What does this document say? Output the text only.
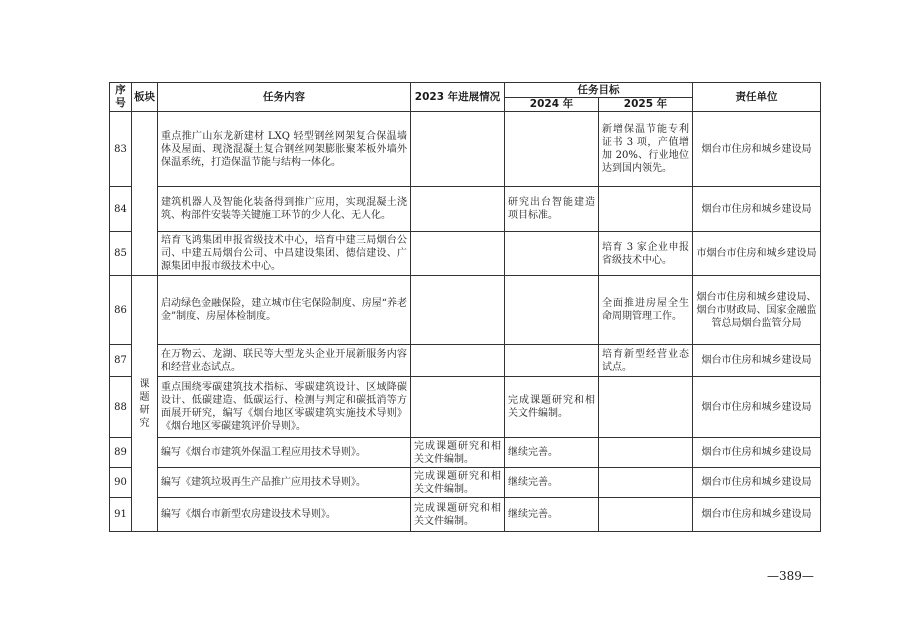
序号	板块	任务内容	2023 年进展情况	任务目标		责任单位
				2024 年	2025 年	
83		重点推广山东龙新建材 LXQ 轻型钢丝网架复合保温墙体及屋面、现浇混凝土复合钢丝网架膨胀聚苯板外墙外保温系统，打造保温节能与结构一体化。			新增保温节能专利证书 3 项，产值增加 20%、行业地位达到国内领先。	烟台市住房和城乡建设局
84		建筑机器人及智能化装备得到推广应用，实现混凝土浇筑、构部件安装等关键施工环节的少人化、无人化。		研究出台智能建造项目标准。		烟台市住房和城乡建设局
85		培育飞鸿集团申报省级技术中心，培育中建三局烟台公司、中建五局烟台公司、中昌建设集团、德信建设、广源集团申报市级技术中心。			培育 3 家企业申报省级技术中心。	市烟台市住房和城乡建设局
86	课题研究	启动绿色金融保险，建立城市住宅保险制度、房屋“养老金”制度、房屋体检制度。			全面推进房屋全生命周期管理工作。	烟台市住房和城乡建设局、烟台市财政局、国家金融监管总局烟台监管分局
87		在万物云、龙湖、联民等大型龙头企业开展新服务内容和经营业态试点。			培育新型经营业态试点。	烟台市住房和城乡建设局
88		重点围绕零碳建筑技术指标、零碳建筑设计、区域降碳设计、低碳建造、低碳运行、检测与判定和碳抵消等方面展开研究，编写《烟台地区零碳建筑实施技术导则》《烟台地区零碳建筑评价导则》。		完成课题研究和相关文件编制。		烟台市住房和城乡建设局
89		编写《烟台市建筑外保温工程应用技术导则》。	完成课题研究和相关文件编制。	继续完善。		烟台市住房和城乡建设局
90		编写《建筑垃圾再生产品推广应用技术导则》。	完成课题研究和相关文件编制。	继续完善。		烟台市住房和城乡建设局
91		编写《烟台市新型农房建设技术导则》。	完成课题研究和相关文件编制。	继续完善。		烟台市住房和城乡建设局
—389—
